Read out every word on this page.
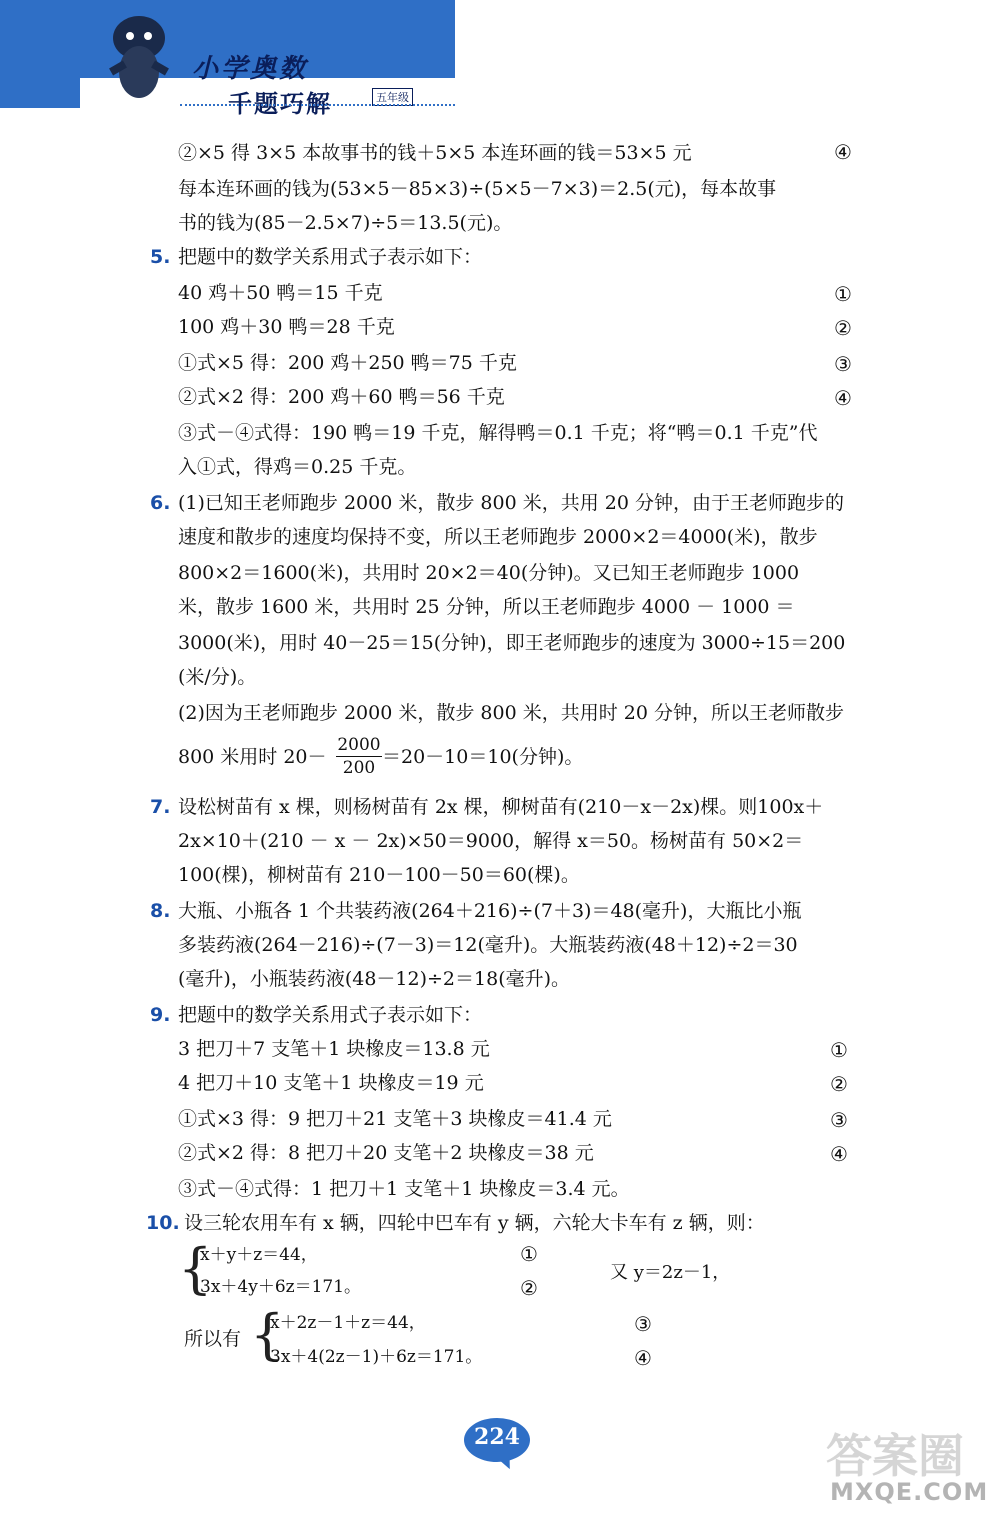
小学奥数
千题巧解	五年级
②×5 得 3×5 本故事书的钱＋5×5 本连环画的钱＝53×5 元	④
每本连环画的钱为(53×5－85×3)÷(5×5－7×3)＝2.5(元)，每本故事
书的钱为(85－2.5×7)÷5＝13.5(元)。
5. 把题中的数学关系用式子表示如下：
40 鸡＋50 鸭＝15 千克	①
100 鸡＋30 鸭＝28 千克	②
①式×5 得：200 鸡＋250 鸭＝75 千克	③
②式×2 得：200 鸡＋60 鸭＝56 千克	④
③式－④式得：190 鸭＝19 千克，解得鸭＝0.1 千克；将“鸭＝0.1 千克”代
入①式，得鸡＝0.25 千克。
6. (1)已知王老师跑步 2000 米，散步 800 米，共用 20 分钟，由于王老师跑步的
速度和散步的速度均保持不变，所以王老师跑步 2000×2＝4000(米)，散步
800×2＝1600(米)，共用时 20×2＝40(分钟)。又已知王老师跑步 1000
米，散步 1600 米，共用时 25 分钟，所以王老师跑步 4000 － 1000 ＝
3000(米)，用时 40－25＝15(分钟)，即王老师跑步的速度为 3000÷15＝200
(米/分)。
(2)因为王老师跑步 2000 米，散步 800 米，共用时 20 分钟，所以王老师散步
800 米用时 20－
2000
200 ＝20－10＝10(分钟)。
7. 设松树苗有 x 棵，则杨树苗有 2x 棵，柳树苗有(210－x－2x)棵。则100x＋
2x×10＋(210 － x － 2x)×50＝9000，解得 x＝50。杨树苗有 50×2＝
100(棵)，柳树苗有 210－100－50＝60(棵)。
8. 大瓶、小瓶各 1 个共装药液(264＋216)÷(7＋3)＝48(毫升)，大瓶比小瓶
多装药液(264－216)÷(7－3)＝12(毫升)。大瓶装药液(48＋12)÷2＝30
(毫升)，小瓶装药液(48－12)÷2＝18(毫升)。
9. 把题中的数学关系用式子表示如下：
3 把刀＋7 支笔＋1 块橡皮＝13.8 元	①
4 把刀＋10 支笔＋1 块橡皮＝19 元	②
①式×3 得：9 把刀＋21 支笔＋3 块橡皮＝41.4 元	③
②式×2 得：8 把刀＋20 支笔＋2 块橡皮＝38 元	④
③式－④式得：1 把刀＋1 支笔＋1 块橡皮＝3.4 元。
10. 设三轮农用车有 x 辆，四轮中巴车有 y 辆，六轮大卡车有 z 辆，则：
{
x＋y＋z＝44，	①
3x＋4y＋6z＝171。	②
又 y＝2z－1，
所以有 {
x＋2z－1＋z＝44，	③
3x＋4(2z－1)＋6z＝171。	④
224	答案圈
MXQE.COM
